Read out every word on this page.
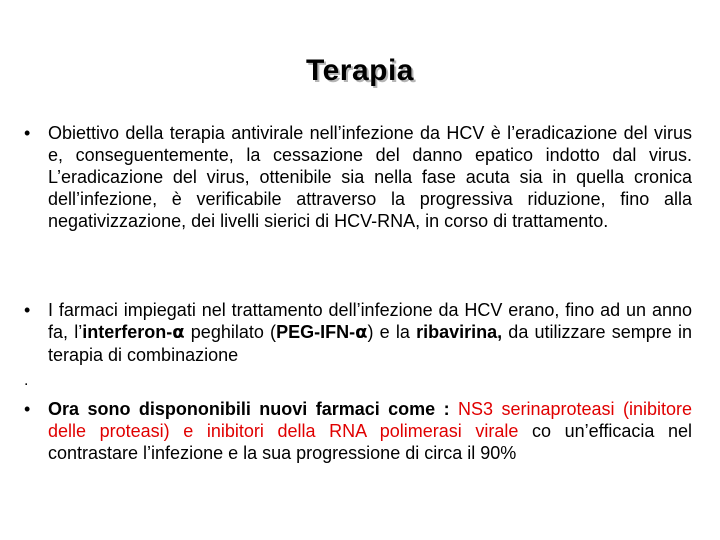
Terapia
• Obiettivo della terapia antivirale nell’infezione da HCV è l’eradicazione del virus e, conseguentemente, la cessazione del danno epatico indotto dal virus. L’eradicazione del virus, ottenibile sia nella fase acuta sia in quella cronica dell’infezione, è verificabile attraverso la progressiva riduzione, fino alla negativizzazione, dei livelli sierici di HCV-RNA, in corso di trattamento.
• I farmaci impiegati nel trattamento dell’infezione da HCV erano, fino ad un anno fa, l’interferon-α peghilato (PEG-IFN-α) e la ribavirina, da utilizzare sempre in terapia di combinazione
.
• Ora sono dispononibili nuovi farmaci come : NS3 serinaproteasi (inibitore delle proteasi) e inibitori della RNA polimerasi virale co un’efficacia nel contrastare l’infezione e la sua progressione di circa il 90%
